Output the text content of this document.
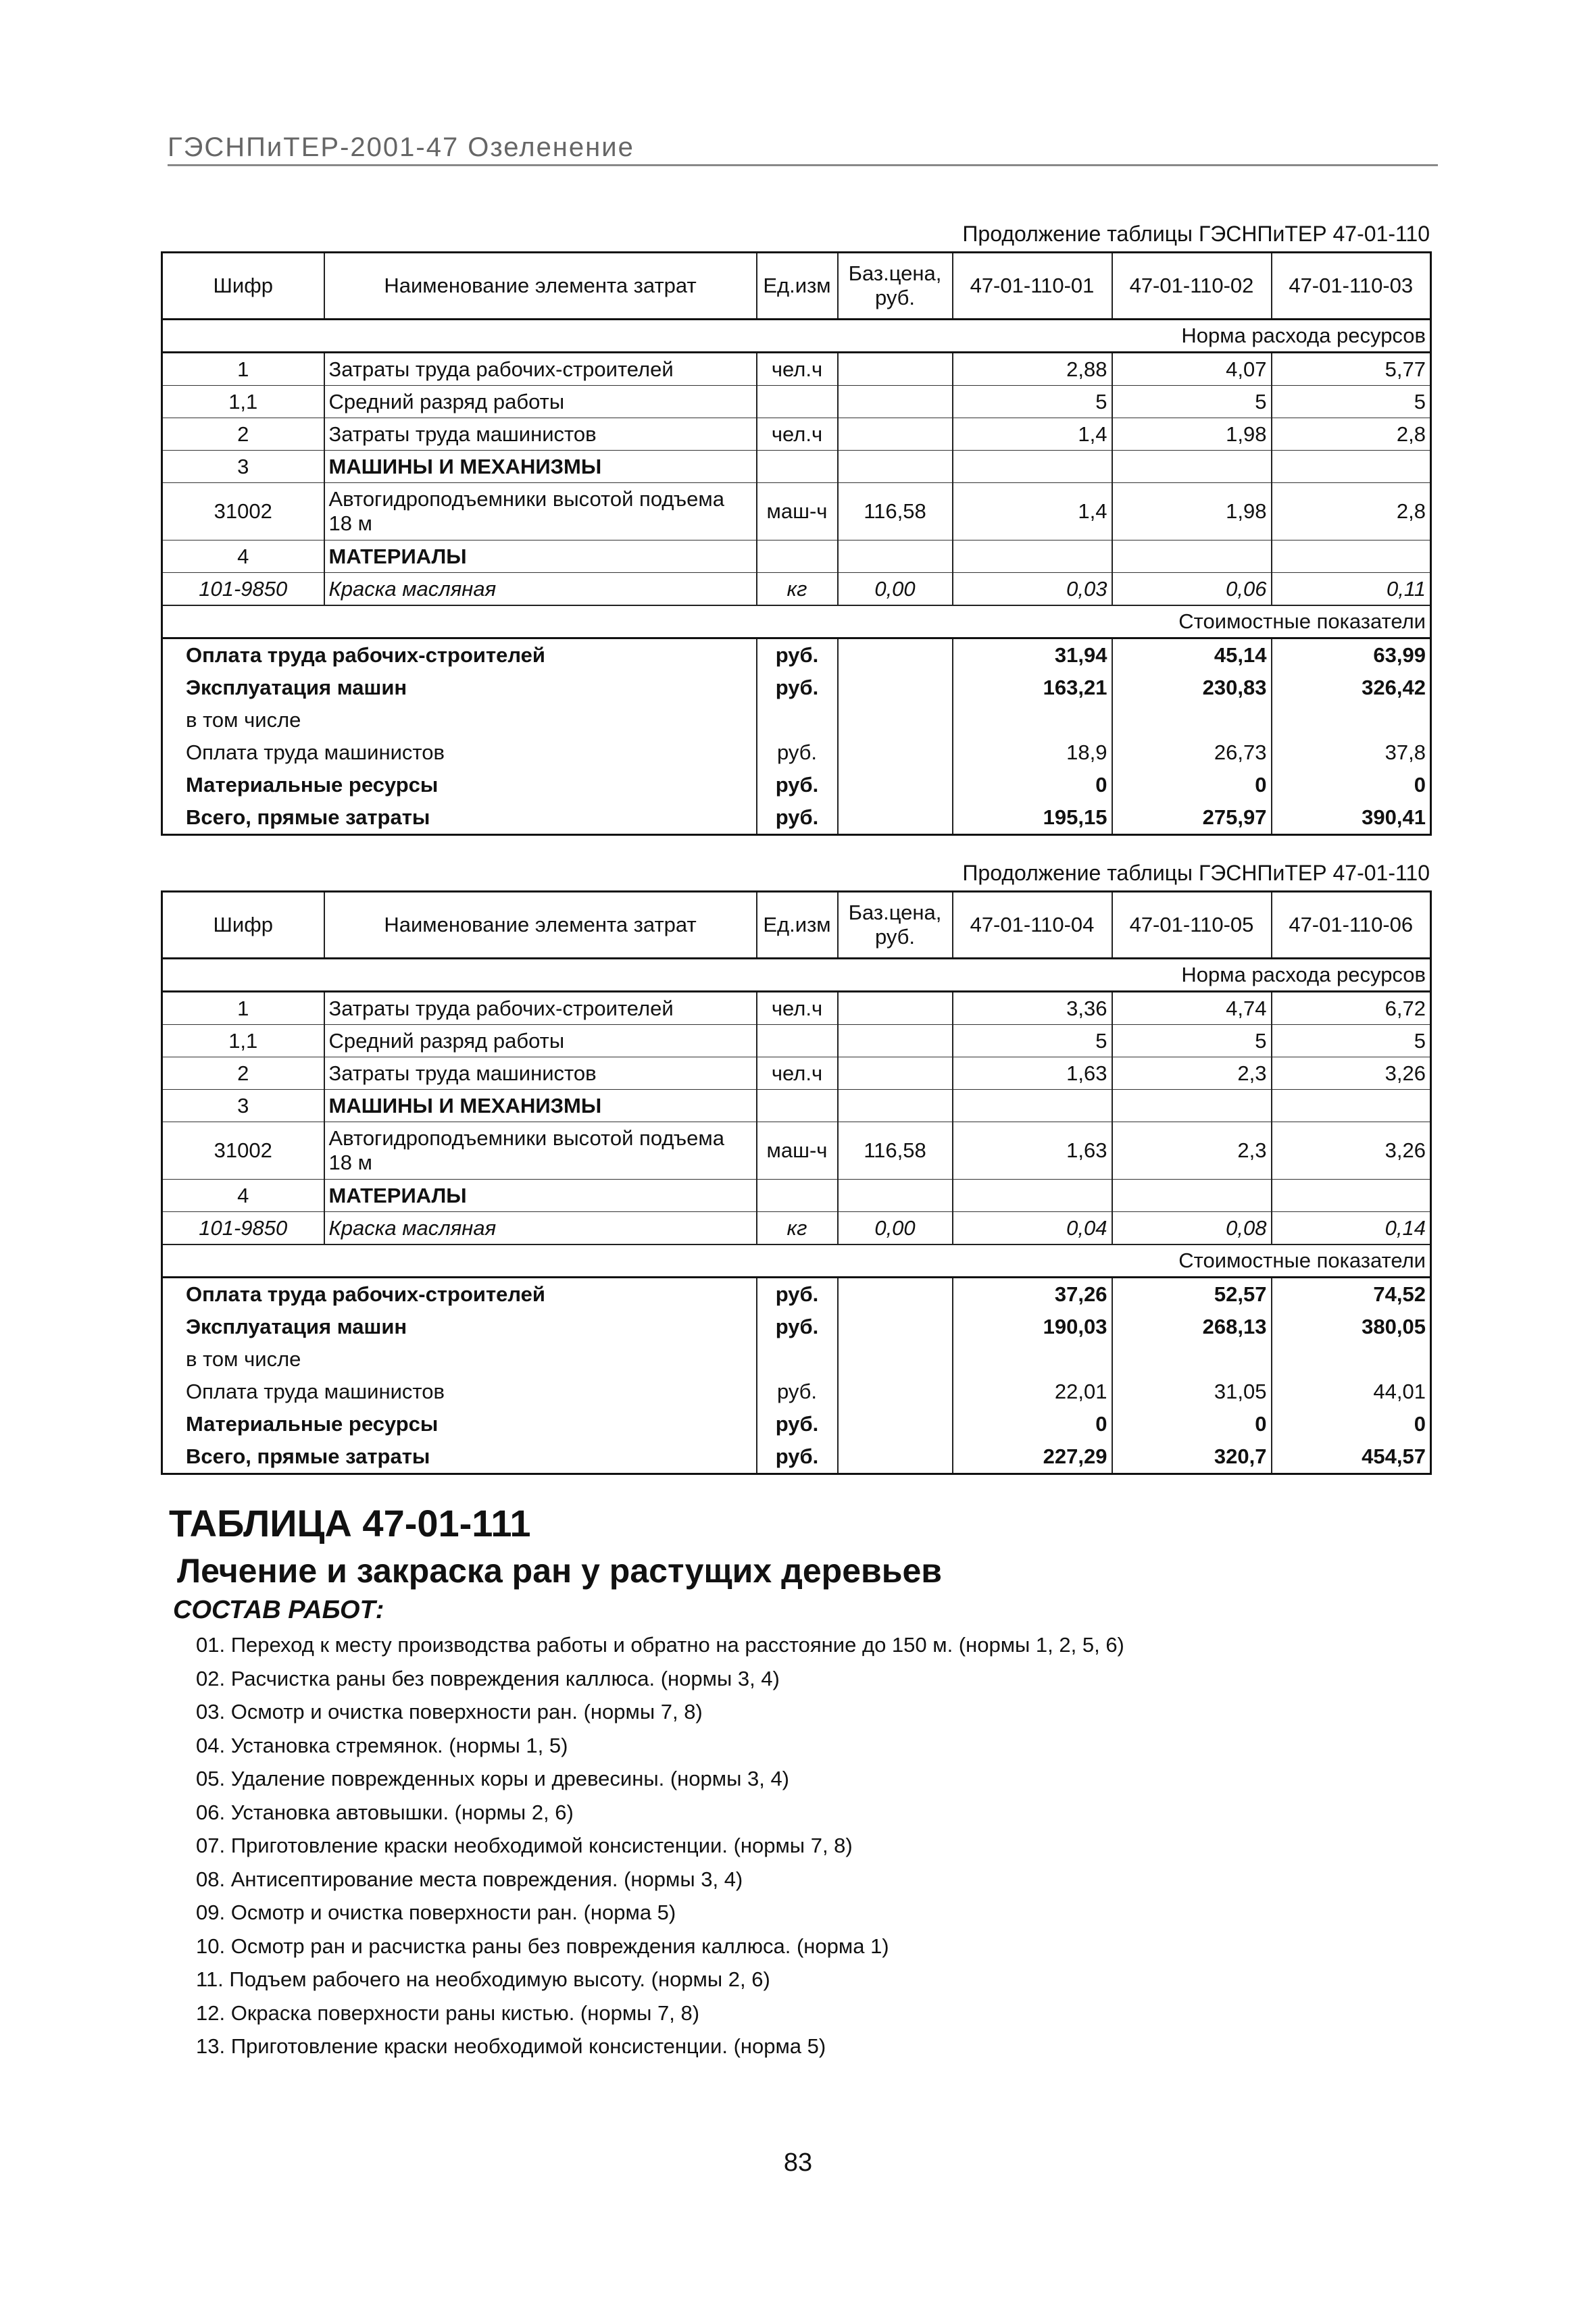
ГЭСНПиТЕР-2001-47 Озеленение
Продолжение таблицы ГЭСНПиТЕР 47-01-110
Шифр	Наименование элемента затрат	Ед.изм	Баз.цена, руб.	47-01-110-01	47-01-110-02	47-01-110-03
Норма расхода ресурсов						
1	Затраты труда рабочих-строителей	чел.ч		2,88	4,07	5,77
1,1	Средний разряд работы			5	5	5
2	Затраты труда машинистов	чел.ч		1,4	1,98	2,8
3	МАШИНЫ И МЕХАНИЗМЫ					
31002	Автогидроподъемники высотой подъема 18 м	маш-ч	116,58	1,4	1,98	2,8
4	МАТЕРИАЛЫ					
101-9850	Краска масляная	кг	0,00	0,03	0,06	0,11
Стоимостные показатели						
Оплата труда рабочих-строителей		руб.		31,94	45,14	63,99
Эксплуатация машин		руб.		163,21	230,83	326,42
в том числе						
Оплата труда машинистов		руб.		18,9	26,73	37,8
Материальные ресурсы		руб.		0	0	0
Всего, прямые затраты		руб.		195,15	275,97	390,41
Продолжение таблицы ГЭСНПиТЕР 47-01-110
Шифр	Наименование элемента затрат	Ед.изм	Баз.цена, руб.	47-01-110-04	47-01-110-05	47-01-110-06
Норма расхода ресурсов						
1	Затраты труда рабочих-строителей	чел.ч		3,36	4,74	6,72
1,1	Средний разряд работы			5	5	5
2	Затраты труда машинистов	чел.ч		1,63	2,3	3,26
3	МАШИНЫ И МЕХАНИЗМЫ					
31002	Автогидроподъемники высотой подъема 18 м	маш-ч	116,58	1,63	2,3	3,26
4	МАТЕРИАЛЫ					
101-9850	Краска масляная	кг	0,00	0,04	0,08	0,14
Стоимостные показатели						
Оплата труда рабочих-строителей		руб.		37,26	52,57	74,52
Эксплуатация машин		руб.		190,03	268,13	380,05
в том числе						
Оплата труда машинистов		руб.		22,01	31,05	44,01
Материальные ресурсы		руб.		0	0	0
Всего, прямые затраты		руб.		227,29	320,7	454,57
ТАБЛИЦА 47-01-111
Лечение и закраска ран у растущих деревьев
СОСТАВ РАБОТ:
01. Переход к месту производства работы и обратно на расстояние до 150 м. (нормы 1, 2, 5, 6)
02. Расчистка раны без повреждения каллюса. (нормы 3, 4)
03. Осмотр и очистка поверхности ран. (нормы 7, 8)
04. Установка стремянок. (нормы 1, 5)
05. Удаление поврежденных коры и древесины. (нормы 3, 4)
06. Установка автовышки. (нормы 2, 6)
07. Приготовление краски необходимой консистенции. (нормы 7, 8)
08. Антисептирование места повреждения. (нормы 3, 4)
09. Осмотр и очистка поверхности ран. (норма 5)
10. Осмотр ран и расчистка раны без повреждения каллюса. (норма 1)
11. Подъем рабочего на необходимую высоту. (нормы 2, 6)
12. Окраска поверхности раны кистью. (нормы 7, 8)
13. Приготовление краски необходимой консистенции. (норма 5)
83
